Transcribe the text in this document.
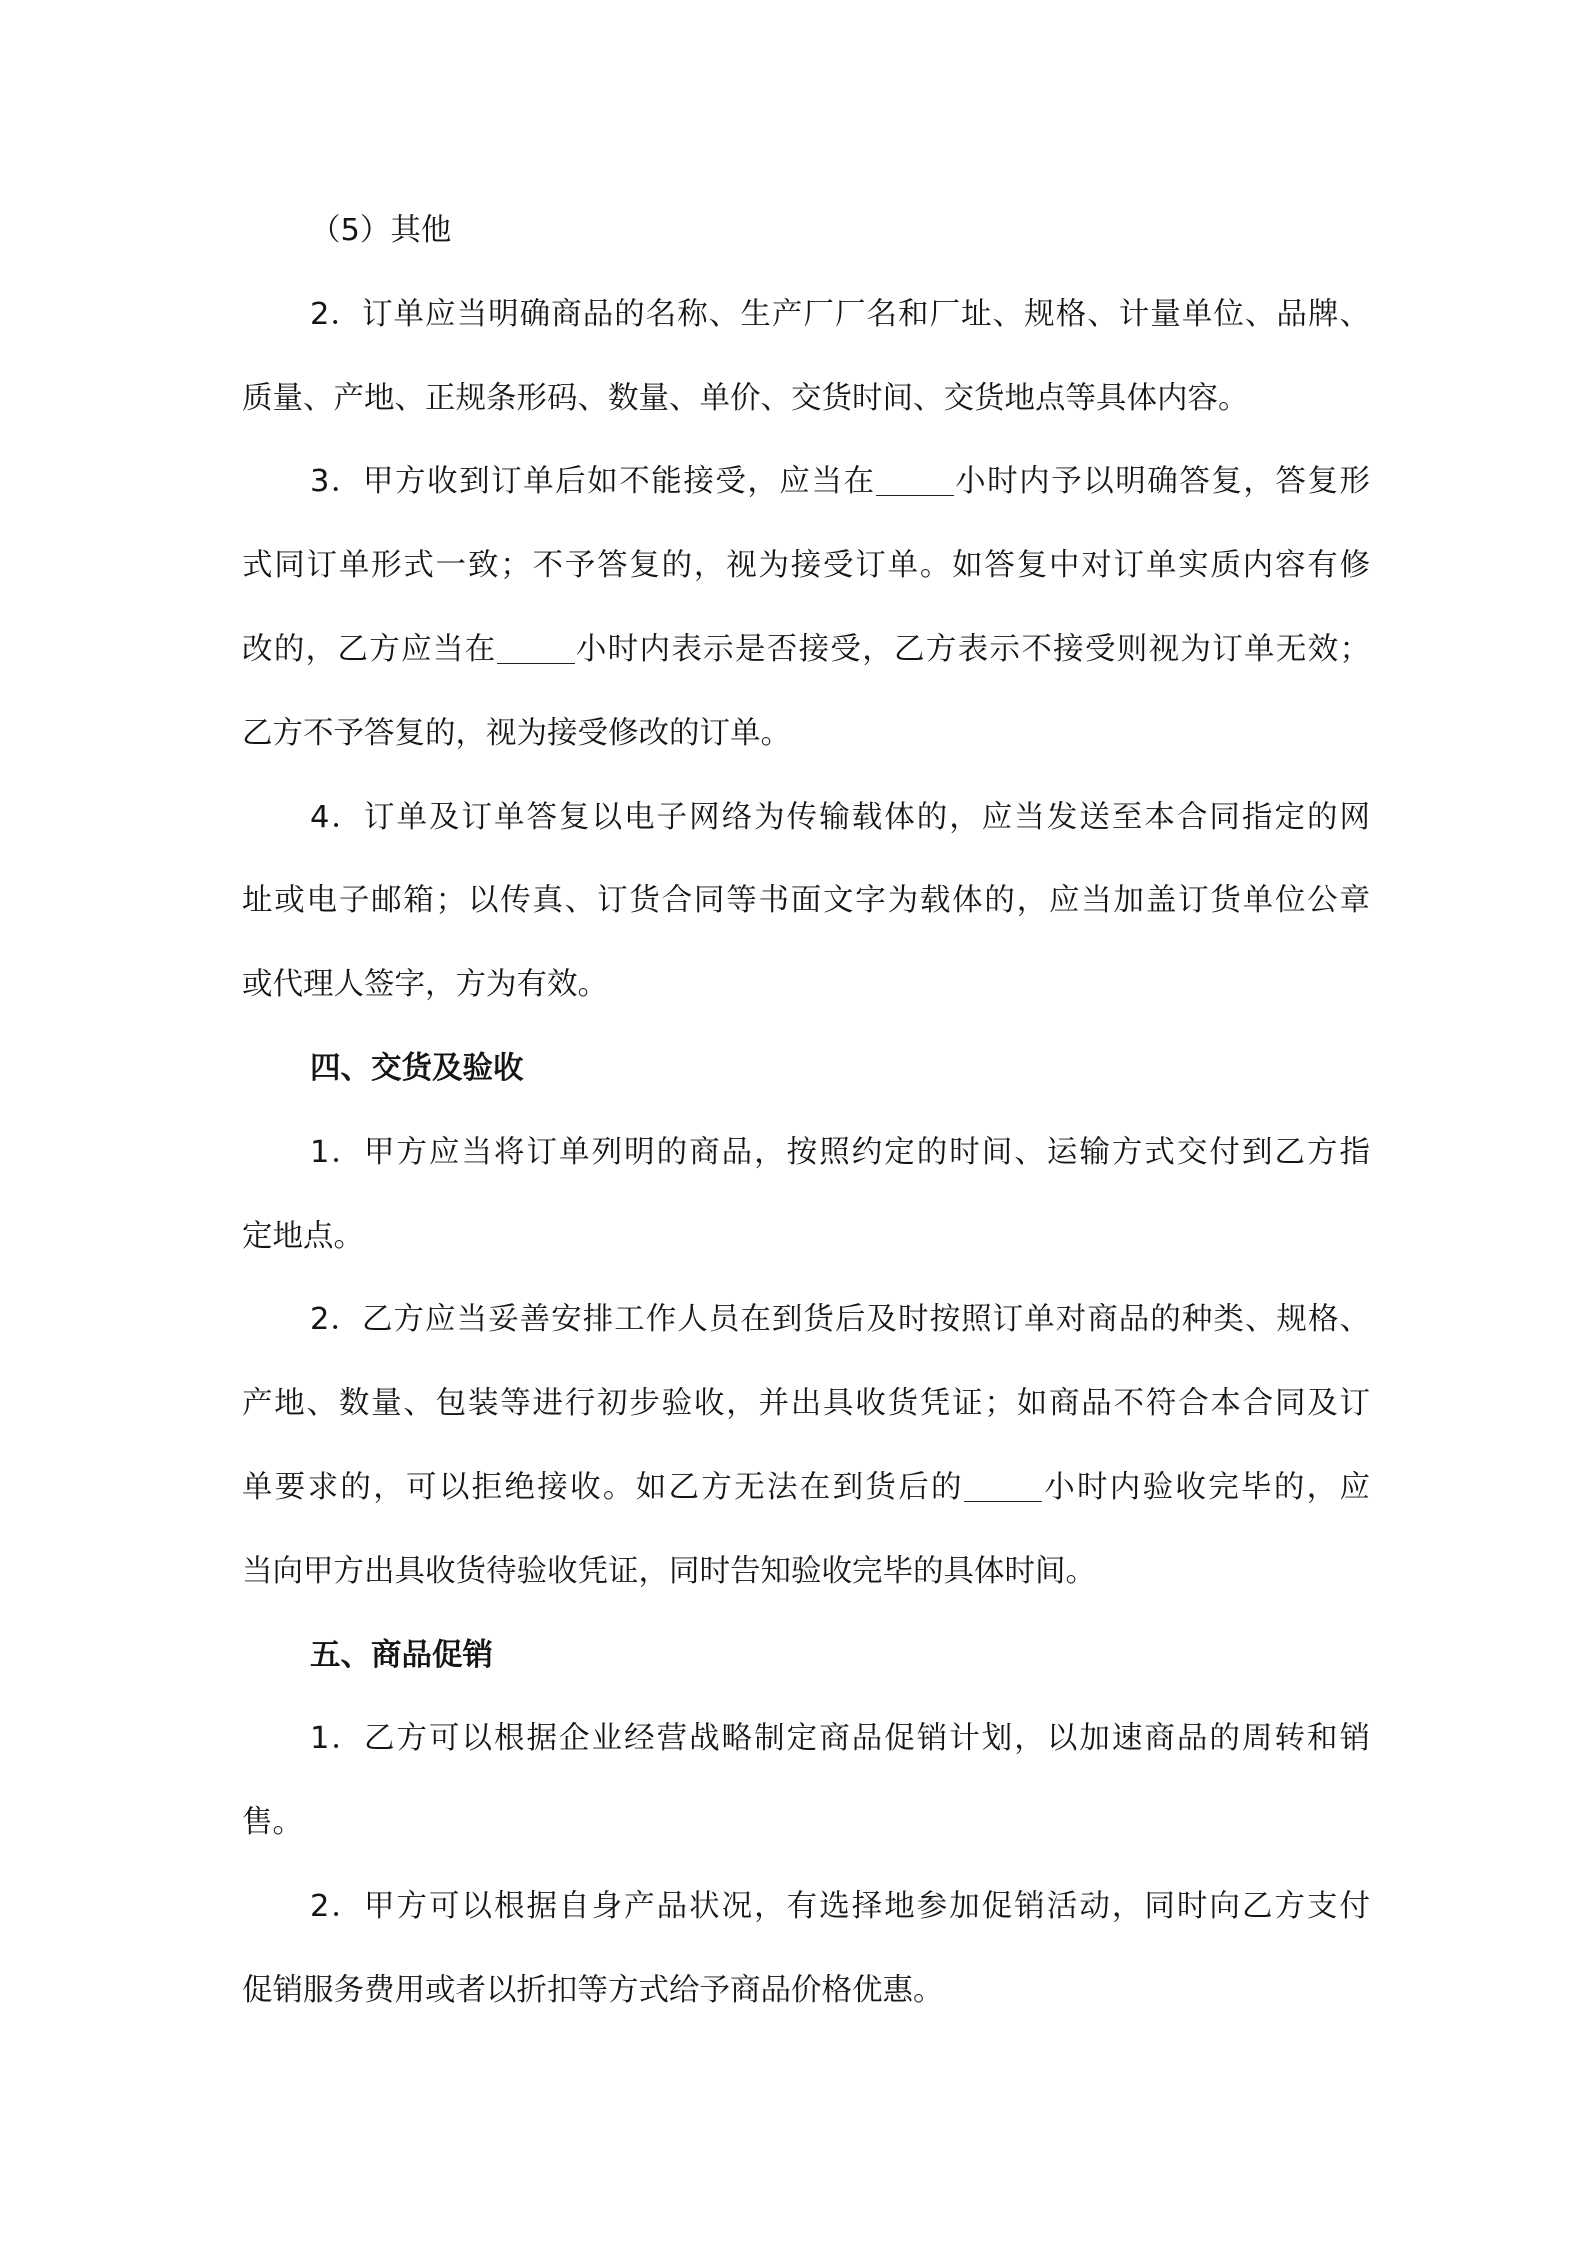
（5）其他
2．订单应当明确商品的名称、生产厂厂名和厂址、规格、计量单位、品牌、
质量、产地、正规条形码、数量、单价、交货时间、交货地点等具体内容。
3．甲方收到订单后如不能接受，应当在	小时内予以明确答复，答复形
式同订单形式一致；不予答复的，视为接受订单。如答复中对订单实质内容有修
改的，乙方应当在	小时内表示是否接受，乙方表示不接受则视为订单无效；
乙方不予答复的，视为接受修改的订单。
4．订单及订单答复以电子网络为传输载体的，应当发送至本合同指定的网
址或电子邮箱；以传真、订货合同等书面文字为载体的，应当加盖订货单位公章
或代理人签字，方为有效。
四、交货及验收
1．甲方应当将订单列明的商品，按照约定的时间、运输方式交付到乙方指
定地点。
2．乙方应当妥善安排工作人员在到货后及时按照订单对商品的种类、规格、
产地、数量、包装等进行初步验收，并出具收货凭证；如商品不符合本合同及订
单要求的，可以拒绝接收。如乙方无法在到货后的	小时内验收完毕的，应
当向甲方出具收货待验收凭证，同时告知验收完毕的具体时间。
五、商品促销
1．乙方可以根据企业经营战略制定商品促销计划，以加速商品的周转和销
售。
2．甲方可以根据自身产品状况，有选择地参加促销活动，同时向乙方支付
促销服务费用或者以折扣等方式给予商品价格优惠。
